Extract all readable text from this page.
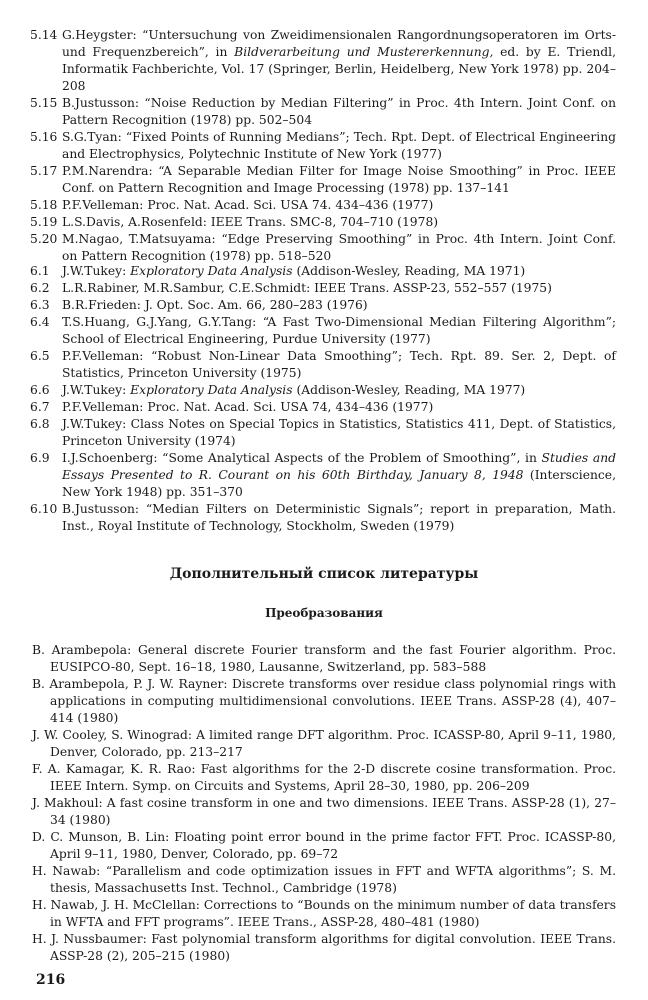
5.14 G.Heygster: “Untersuchung von Zweidimensionalen Rangordnungsoperatoren im Orts- und Frequenzbereich”, in Bildverarbeitung und Mustererkennung, ed. by E. Triendl, Informatik Fachberichte, Vol. 17 (Springer, Berlin, Heidelberg, New York 1978) pp. 204–208
5.15 B.Justusson: “Noise Reduction by Median Filtering” in Proc. 4th Intern. Joint Conf. on Pattern Recognition (1978) pp. 502–504
5.16 S.G.Tyan: “Fixed Points of Running Medians”; Tech. Rpt. Dept. of Electrical Engineering and Electrophysics, Polytechnic Institute of New York (1977)
5.17 P.M.Narendra: “A Separable Median Filter for Image Noise Smoothing” in Proc. IEEE Conf. on Pattern Recognition and Image Processing (1978) pp. 137–141
5.18 P.F.Velleman: Proc. Nat. Acad. Sci. USA 74. 434–436 (1977)
5.19 L.S.Davis, A.Rosenfeld: IEEE Trans. SMC-8, 704–710 (1978)
5.20 M.Nagao, T.Matsuyama: “Edge Preserving Smoothing” in Proc. 4th Intern. Joint Conf. on Pattern Recognition (1978) pp. 518–520
6.1	J.W.Tukey: Exploratory Data Analysis (Addison-Wesley, Reading, MA 1971)
6.2	L.R.Rabiner, M.R.Sambur, C.E.Schmidt: IEEE Trans. ASSP-23, 552–557 (1975)
6.3	B.R.Frieden: J. Opt. Soc. Am. 66, 280–283 (1976)
6.4	T.S.Huang, G.J.Yang, G.Y.Tang: “A Fast Two-Dimensional Median Filtering Algorithm”; School of Electrical Engineering, Purdue University (1977)
6.5	P.F.Velleman: “Robust Non-Linear Data Smoothing”; Tech. Rpt. 89. Ser. 2, Dept. of Statistics, Princeton University (1975)
6.6	J.W.Tukey: Exploratory Data Analysis (Addison-Wesley, Reading, MA 1977)
6.7	P.F.Velleman: Proc. Nat. Acad. Sci. USA 74, 434–436 (1977)
6.8	J.W.Tukey: Class Notes on Special Topics in Statistics, Statistics 411, Dept. of Statistics, Princeton University (1974)
6.9	I.J.Schoenberg: “Some Analytical Aspects of the Problem of Smoothing”, in Studies and Essays Presented to R. Courant on his 60th Birthday, January 8, 1948 (Interscience, New York 1948) pp. 351–370
6.10 B.Justusson: “Median Filters on Deterministic Signals”; report in preparation, Math. Inst., Royal Institute of Technology, Stockholm, Sweden (1979)
Дополнительный список литературы
Преобразования
B. Arambepola: General discrete Fourier transform and the fast Fourier algorithm. Proc. EUSIPCO-80, Sept. 16–18, 1980, Lausanne, Switzerland, pp. 583–588
B. Arambepola, P. J. W. Rayner: Discrete transforms over residue class polynomial rings with applications in computing multidimensional convolutions. IEEE Trans. ASSP-28 (4), 407–414 (1980)
J. W. Cooley, S. Winograd: A limited range DFT algorithm. Proc. ICASSP-80, April 9–11, 1980, Denver, Colorado, pp. 213–217
F. A. Kamagar, K. R. Rao: Fast algorithms for the 2-D discrete cosine transformation. Proc. IEEE Intern. Symp. on Circuits and Systems, April 28–30, 1980, pp. 206–209
J. Makhoul: A fast cosine transform in one and two dimensions. IEEE Trans. ASSP-28 (1), 27–34 (1980)
D. C. Munson, B. Lin: Floating point error bound in the prime factor FFT. Proc. ICASSP-80, April 9–11, 1980, Denver, Colorado, pp. 69–72
H. Nawab: “Parallelism and code optimization issues in FFT and WFTA algorithms”; S. M. thesis, Massachusetts Inst. Technol., Cambridge (1978)
H. Nawab, J. H. McClellan: Corrections to “Bounds on the minimum number of data transfers in WFTA and FFT programs”. IEEE Trans., ASSP-28, 480–481 (1980)
H. J. Nussbaumer: Fast polynomial transform algorithms for digital convolution. IEEE Trans. ASSP-28 (2), 205–215 (1980)
216
